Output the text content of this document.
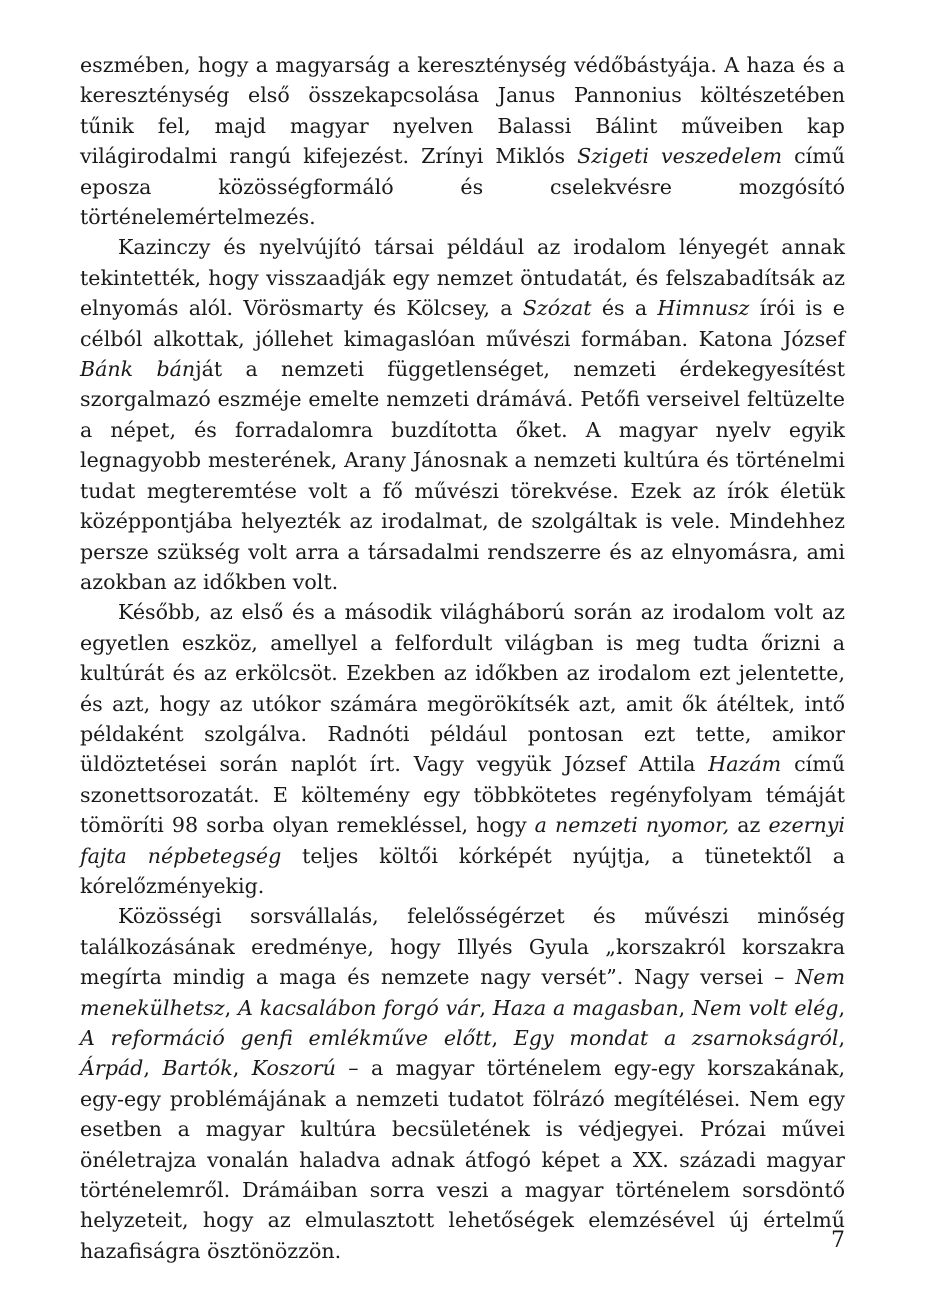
eszmében, hogy a magyarság a kereszténység védőbástyája. A haza és a kereszténység első összekapcsolása Janus Pannonius költészetében tűnik fel, majd magyar nyelven Balassi Bálint műveiben kap világirodalmi rangú kifejezést. Zrínyi Miklós Szigeti veszedelem című eposza közösségformáló és cselekvésre mozgósító történelemértelmezés.

Kazinczy és nyelvújító társai például az irodalom lényegét annak tekintették, hogy visszaadják egy nemzet öntudatát, és felszabadítsák az elnyomás alól. Vörösmarty és Kölcsey, a Szózat és a Himnusz írói is e célból alkottak, jóllehet kimagaslóan művészi formában. Katona József Bánk bánját a nemzeti függetlenséget, nemzeti érdekegyesítést szorgalmazó eszméje emelte nemzeti drámává. Petőfi verseivel feltüzelte a népet, és forradalomra buzdította őket. A magyar nyelv egyik legnagyobb mesterének, Arany Jánosnak a nemzeti kultúra és történelmi tudat megteremtése volt a fő művészi törekvése. Ezek az írók életük középpontjába helyezték az irodalmat, de szolgáltak is vele. Mindehhez persze szükség volt arra a társadalmi rendszerre és az elnyomásra, ami azokban az időkben volt.

Később, az első és a második világháború során az irodalom volt az egyetlen eszköz, amellyel a felfordult világban is meg tudta őrizni a kultúrát és az erkölcsöt. Ezekben az időkben az irodalom ezt jelentette, és azt, hogy az utókor számára megörökítsék azt, amit ők átéltek, intő példaként szolgálva. Radnóti például pontosan ezt tette, amikor üldöztetései során naplót írt. Vagy vegyük József Attila Hazám című szonettsorozatát. E költemény egy többkötetes regényfolyam témáját tömöríti 98 sorba olyan remekléssel, hogy a nemzeti nyomor, az ezernyi fajta népbetegség teljes költői kórképét nyújtja, a tünetektől a kórelőzményekig.

Közösségi sorsvállalás, felelősségérzet és művészi minőség találkozásának eredménye, hogy Illyés Gyula „korszakról korszakra megírta mindig a maga és nemzete nagy versét”. Nagy versei – Nem menekülhetsz, A kacsalábon forgó vár, Haza a magasban, Nem volt elég, A reformáció genfi emlékműve előtt, Egy mondat a zsarnokságról, Árpád, Bartók, Koszorú – a magyar történelem egy-egy korszakának, egy-egy problémájának a nemzeti tudatot fölrázó megítélései. Nem egy esetben a magyar kultúra becsületének is védjegyei. Prózai művei önéletrajza vonalán haladva adnak átfogó képet a XX. századi magyar történelemről. Drámáiban sorra veszi a magyar történelem sorsdöntő helyzeteit, hogy az elmulasztott lehetőségek elemzésével új értelmű hazafiságra ösztönözzön.	7
